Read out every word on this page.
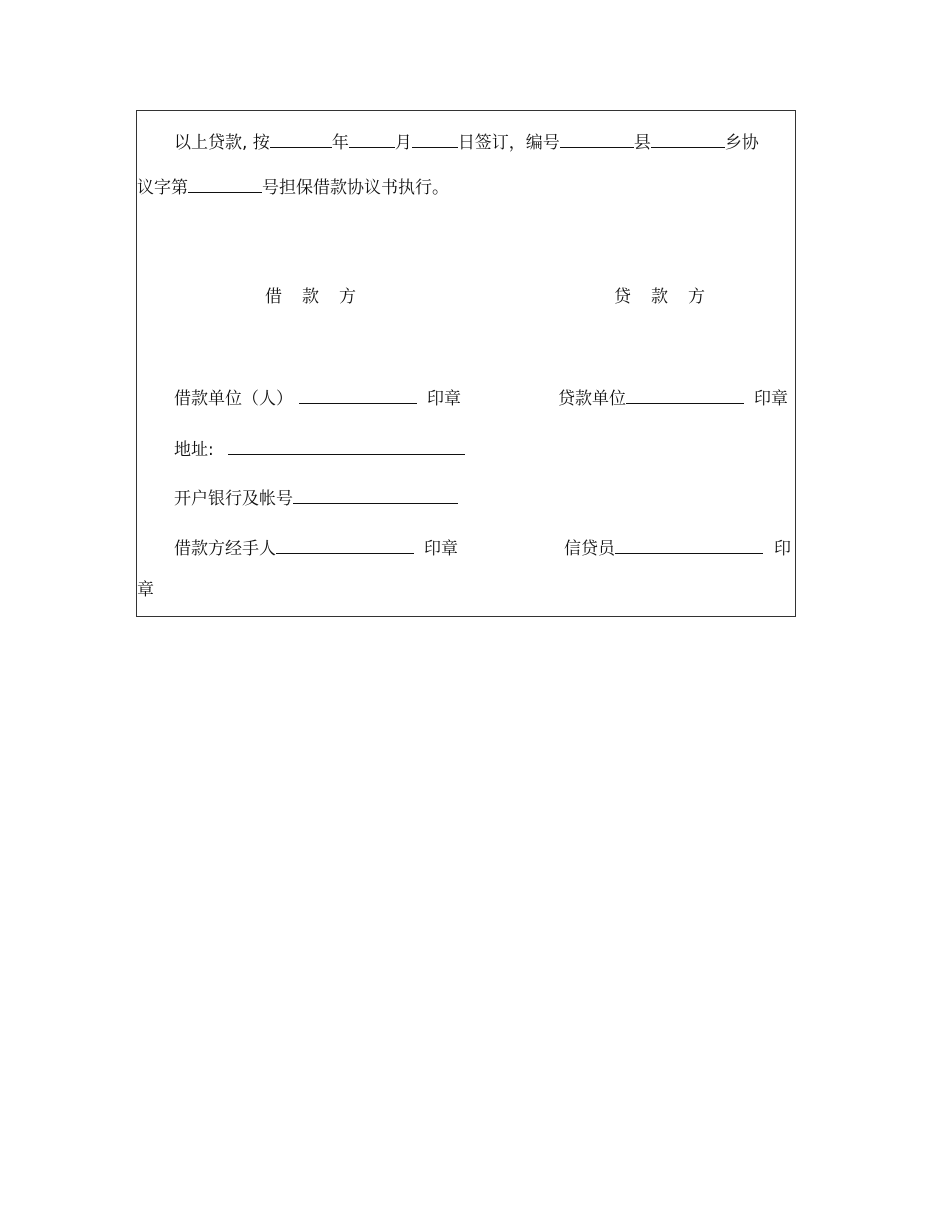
以上贷款, 按	年	月	日签订，编号	县	乡协
议字第	号担保借款协议书执行。
借 款 方	贷 款 方
借款单位（人）	印章	贷款单位	印章
地址:
开户银行及帐号
借款方经手人	印章	信贷员	印
章
